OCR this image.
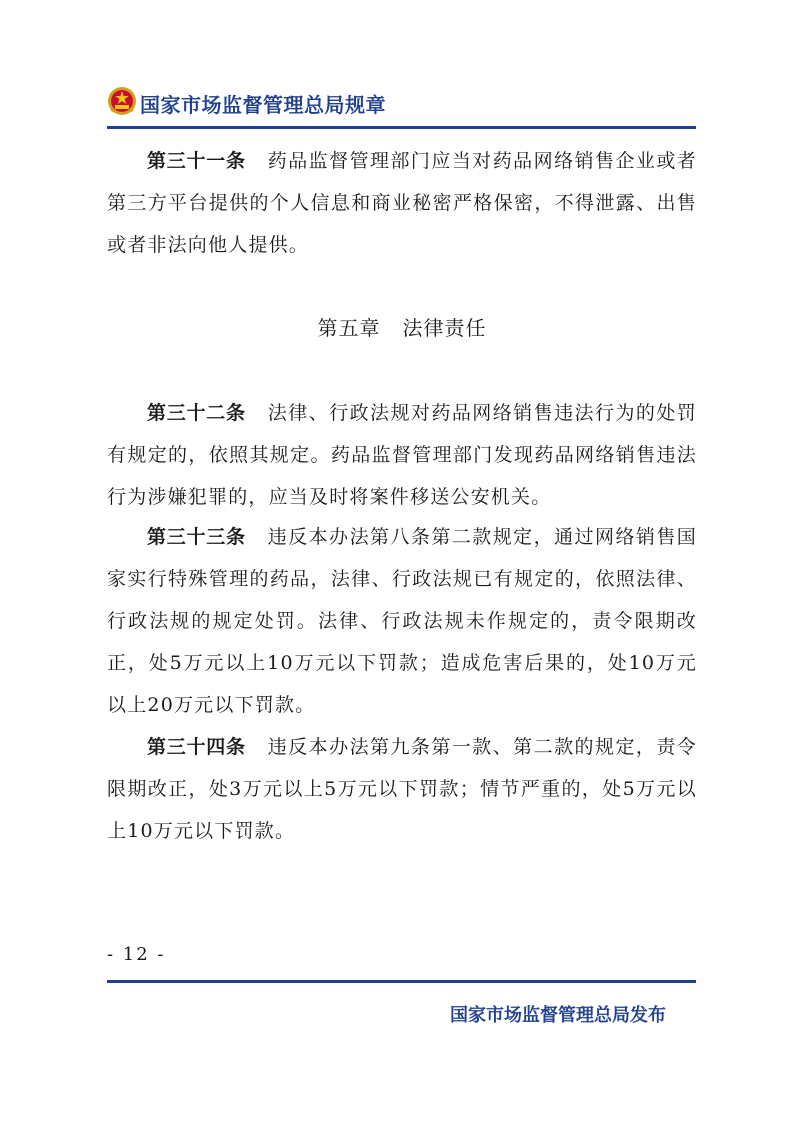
国家市场监督管理总局规章
第三十一条 药品监督管理部门应当对药品网络销售企业或者第三方平台提供的个人信息和商业秘密严格保密，不得泄露、出售或者非法向他人提供。
第五章 法律责任
第三十二条 法律、行政法规对药品网络销售违法行为的处罚有规定的，依照其规定。药品监督管理部门发现药品网络销售违法行为涉嫌犯罪的，应当及时将案件移送公安机关。
第三十三条 违反本办法第八条第二款规定，通过网络销售国家实行特殊管理的药品，法律、行政法规已有规定的，依照法律、行政法规的规定处罚。法律、行政法规未作规定的，责令限期改正，处5万元以上10万元以下罚款；造成危害后果的，处10万元以上20万元以下罚款。
第三十四条 违反本办法第九条第一款、第二款的规定，责令限期改正，处3万元以上5万元以下罚款；情节严重的，处5万元以上10万元以下罚款。
- 12 -
国家市场监督管理总局发布
